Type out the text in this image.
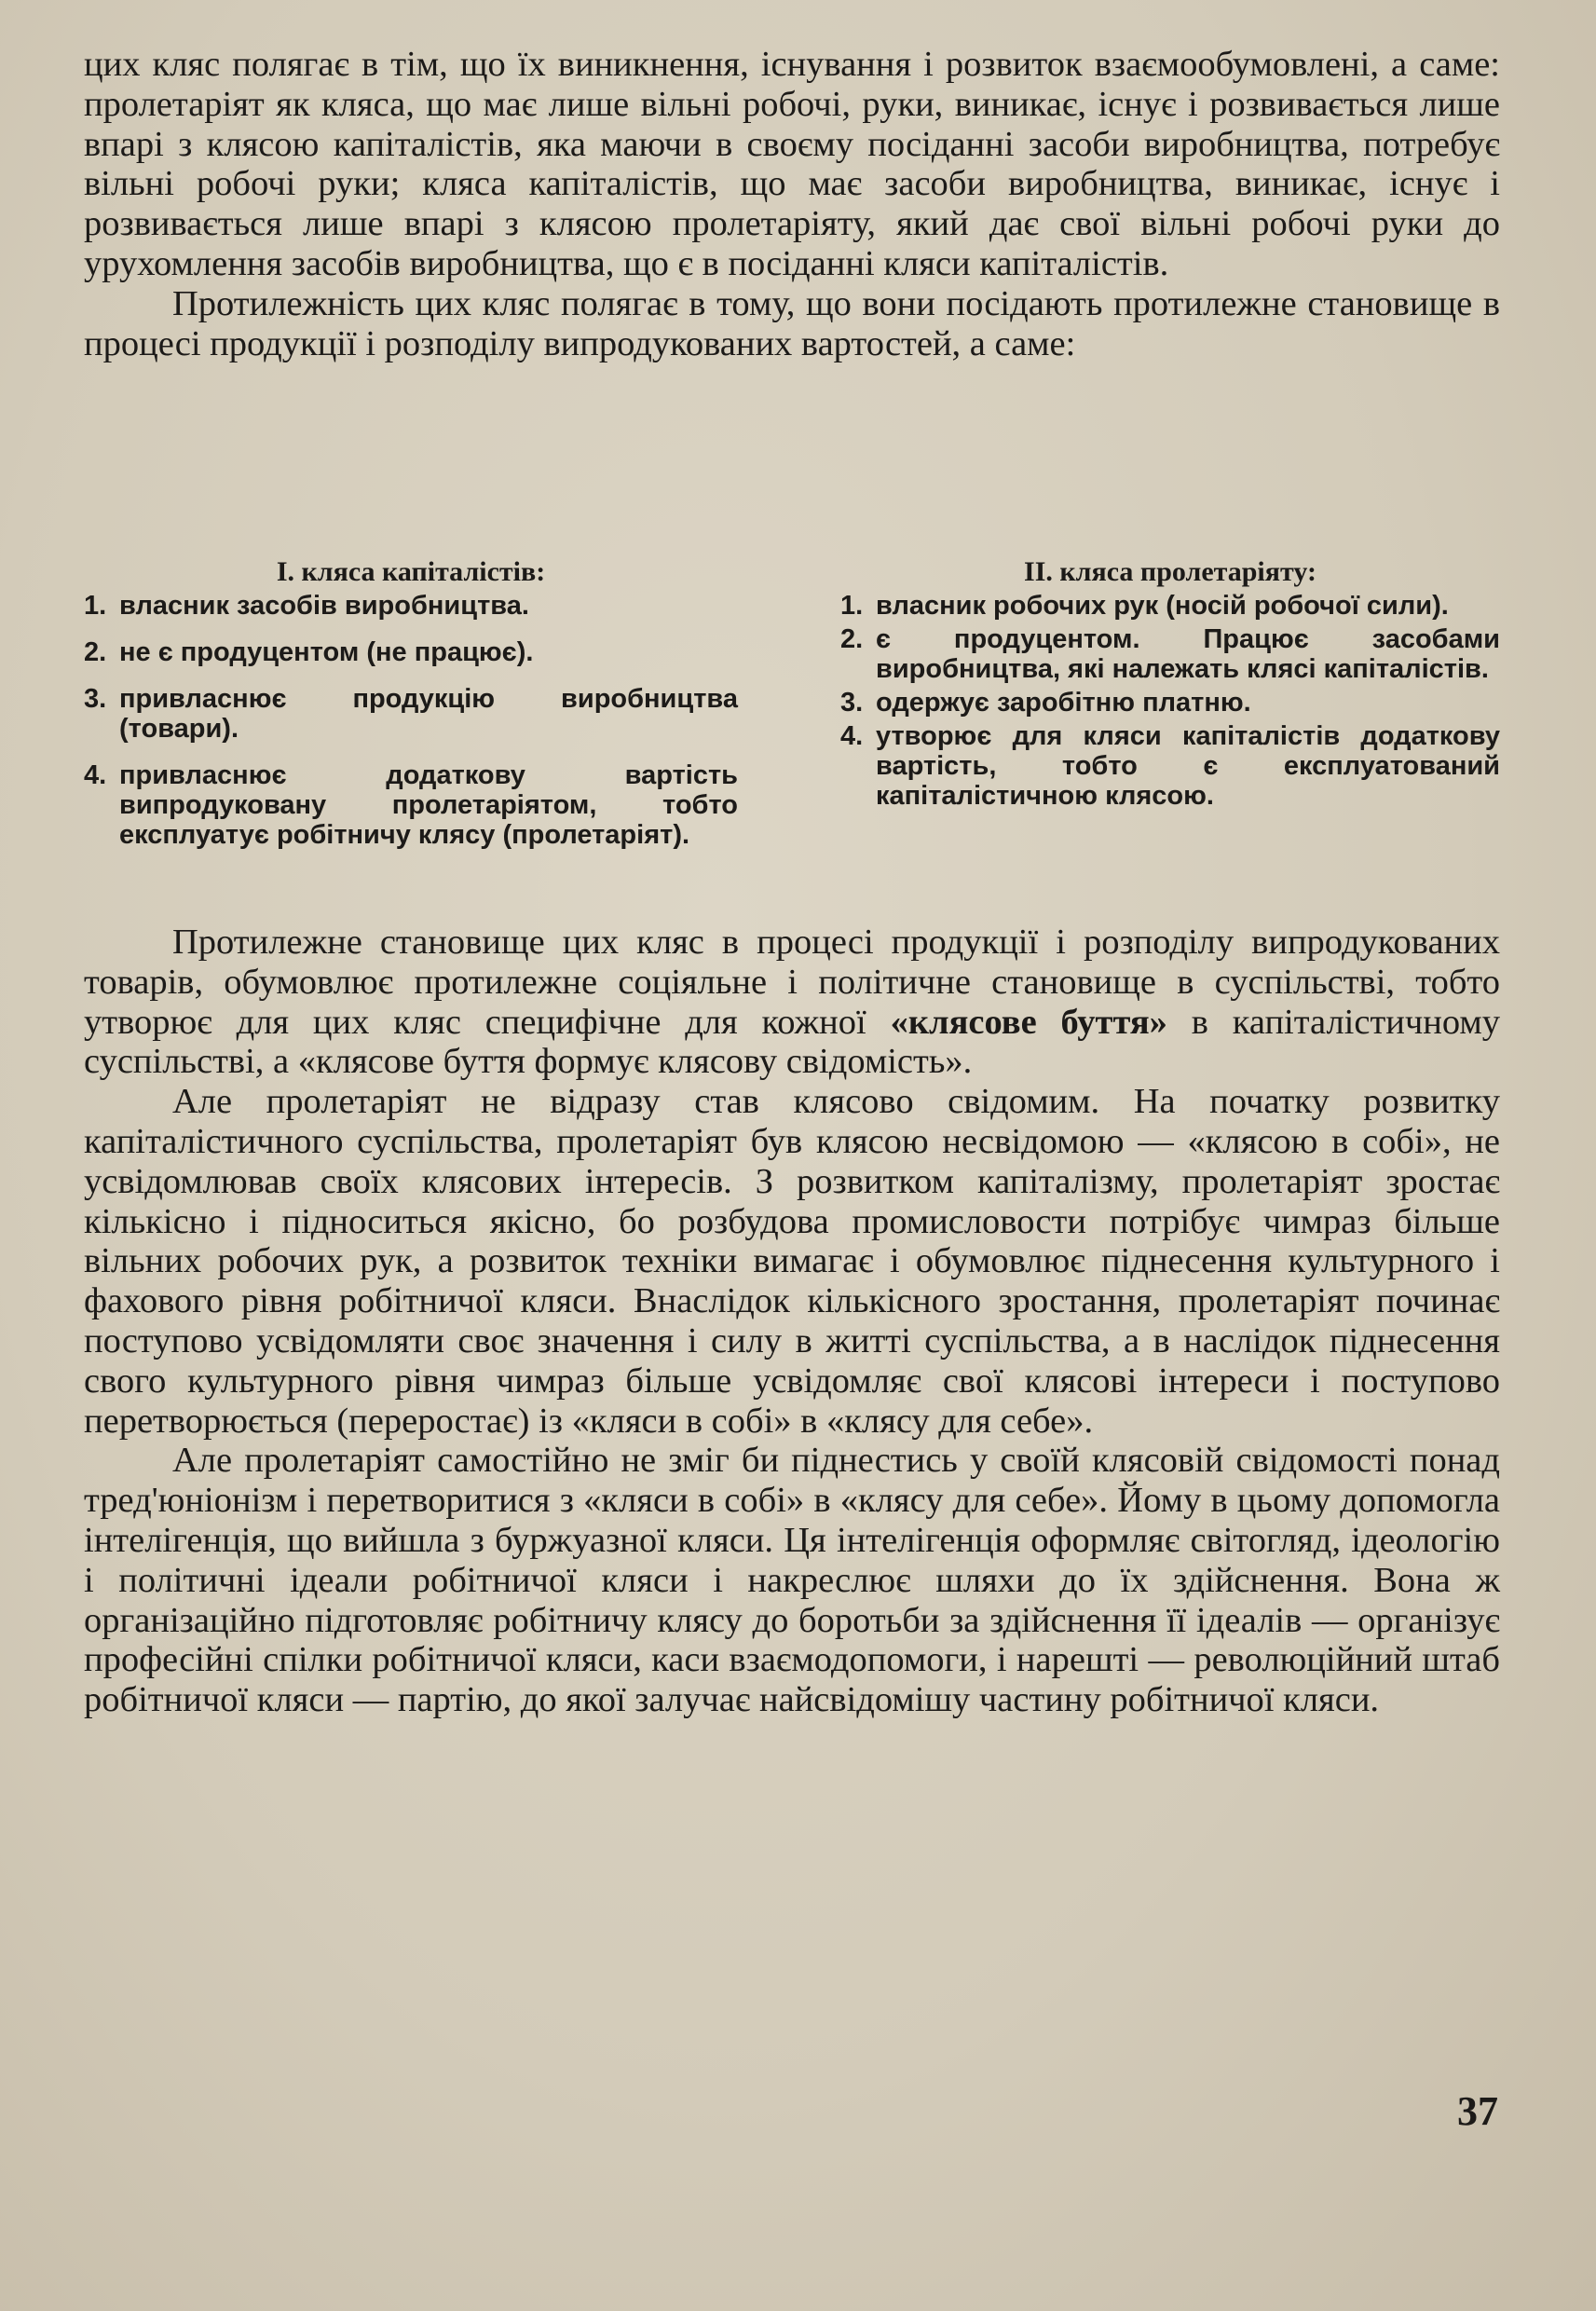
цих кляс полягає в тім, що їх виникнення, існування і розвиток взаємообумовлені, а саме: пролетаріят як кляса, що має лише вільні робочі, руки, виникає, існує і розвивається лише впарі з клясою капіталістів, яка маючи в своєму посіданні засоби виробництва, потребує вільні робочі руки; кляса капіталістів, що має засоби виробництва, виникає, існує і розвивається лише впарі з клясою пролетаріяту, який дає свої вільні робочі руки до урухомлення засобів виробництва, що є в посіданні кляси капіталістів.

Протилежність цих кляс полягає в тому, що вони посідають протилежне становище в процесі продукції і розподілу випродукованих вартостей, а саме:

I. кляса капіталістів:
1. власник засобів виробництва.
2. не є продуцентом (не працює).
3. привласнює продукцію виробництва (товари).
4. привласнює додаткову вартість випродуковану пролетаріятом, тобто експлуатує робітничу клясу (пролетаріят).
II. кляса пролетаріяту:
1. власник робочих рук (носій робочої сили).
2. є продуцентом. Працює засобами виробництва, які належать клясі капіталістів.
3. одержує заробітню платню.
4. утворює для кляси капіталістів додаткову вартість, тобто є експлуатований капіталістичною клясою.

Протилежне становище цих кляс в процесі продукції і розподілу випродукованих товарів, обумовлює протилежне соціяльне і політичне становище в суспільстві, тобто утворює для цих кляс специфічне для кожної «клясове буття» в капіталістичному суспільстві, а «клясове буття формує клясову свідомість».

Але пролетаріят не відразу став клясово свідомим. На початку розвитку капіталістичного суспільства, пролетаріят був клясою несвідомою — «клясою в собі», не усвідомлював своїх клясових інтересів. З розвитком капіталізму, пролетаріят зростає кількісно і підноситься якісно, бо розбудова промисловости потрібує чимраз більше вільних робочих рук, а розвиток техніки вимагає і обумовлює піднесення культурного і фахового рівня робітничої кляси. Внаслідок кількісного зростання, пролетаріят починає поступово усвідомляти своє значення і силу в житті суспільства, а в наслідок піднесення свого культурного рівня чимраз більше усвідомляє свої клясові інтереси і поступово перетворюється (переростає) із «кляси в собі» в «клясу для себе».

Але пролетаріят самостійно не зміг би піднестись у своїй клясовій свідомості понад тред'юніонізм і перетворитися з «кляси в собі» в «клясу для себе». Йому в цьому допомогла інтелігенція, що вийшла з буржуазної кляси. Ця інтелігенція оформляє світогляд, ідеологію і політичні ідеали робітничої кляси і накреслює шляхи до їх здійснення. Вона ж організаційно підготовляє робітничу клясу до боротьби за здійснення її ідеалів — організує професійні спілки робітничої кляси, каси взаємодопомоги, і нарешті — революційний штаб робітничої кляси — партію, до якої залучає найсвідомішу частину робітничої кляси.

37
